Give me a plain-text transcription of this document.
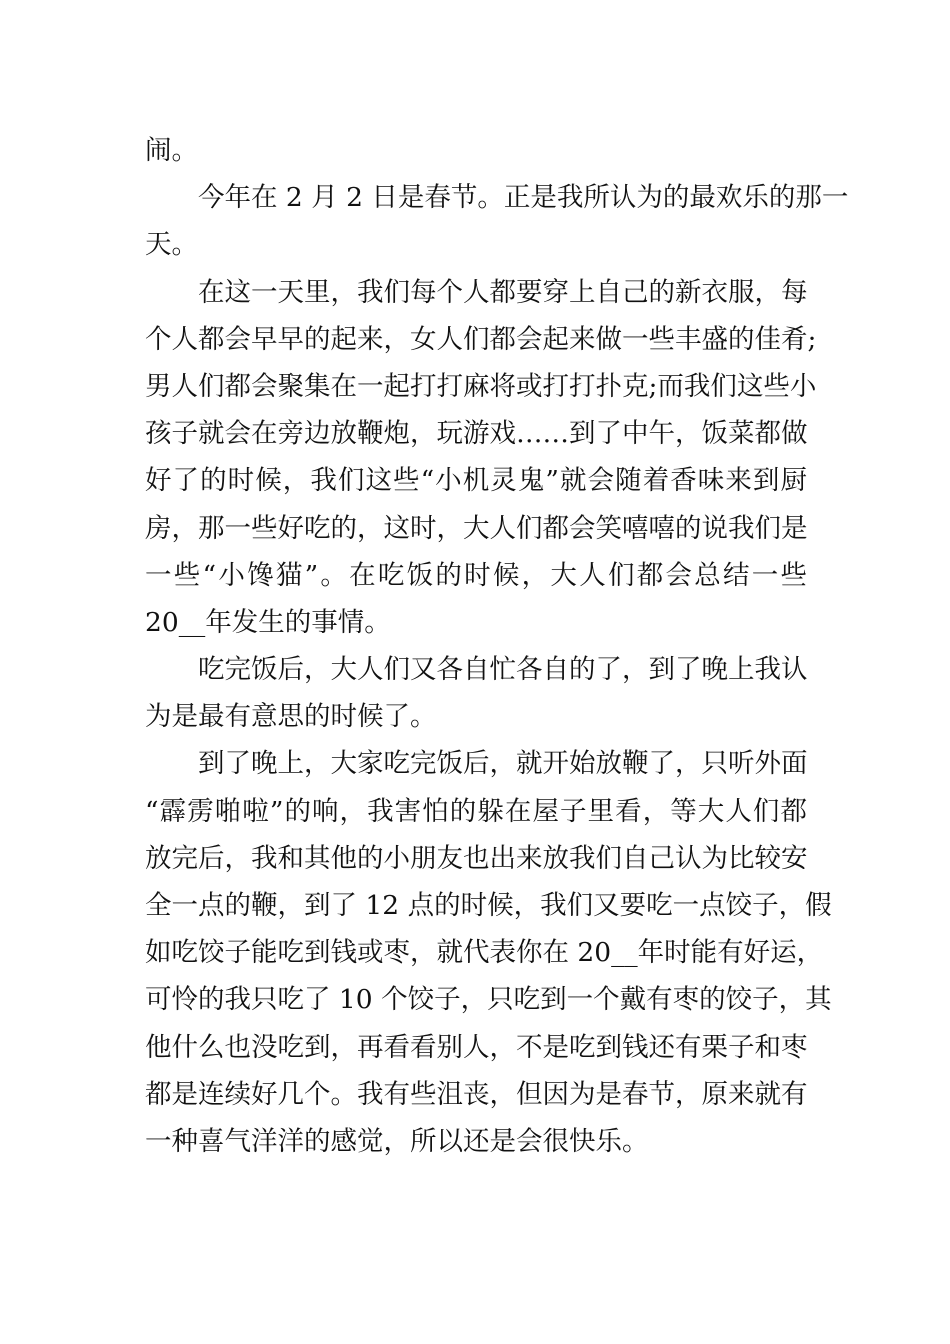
闹。
今年在 2 月 2 日是春节。正是我所认为的最欢乐的那一
天。
在这一天里，我们每个人都要穿上自己的新衣服，每
个人都会早早的起来，女人们都会起来做一些丰盛的佳肴;
男人们都会聚集在一起打打麻将或打打扑克;而我们这些小
孩子就会在旁边放鞭炮，玩游戏……到了中午，饭菜都做
好了的时候，我们这些“小机灵鬼”就会随着香味来到厨
房，那一些好吃的，这时，大人们都会笑嘻嘻的说我们是
一些“小馋猫”。在吃饭的时候，大人们都会总结一些
20__年发生的事情。
吃完饭后，大人们又各自忙各自的了，到了晚上我认
为是最有意思的时候了。
到了晚上，大家吃完饭后，就开始放鞭了，只听外面
“霹雳啪啦”的响，我害怕的躲在屋子里看，等大人们都
放完后，我和其他的小朋友也出来放我们自己认为比较安
全一点的鞭，到了 12 点的时候，我们又要吃一点饺子，假
如吃饺子能吃到钱或枣，就代表你在 20__年时能有好运，
可怜的我只吃了 10 个饺子，只吃到一个戴有枣的饺子，其
他什么也没吃到，再看看别人，不是吃到钱还有栗子和枣
都是连续好几个。我有些沮丧，但因为是春节，原来就有
一种喜气洋洋的感觉，所以还是会很快乐。
